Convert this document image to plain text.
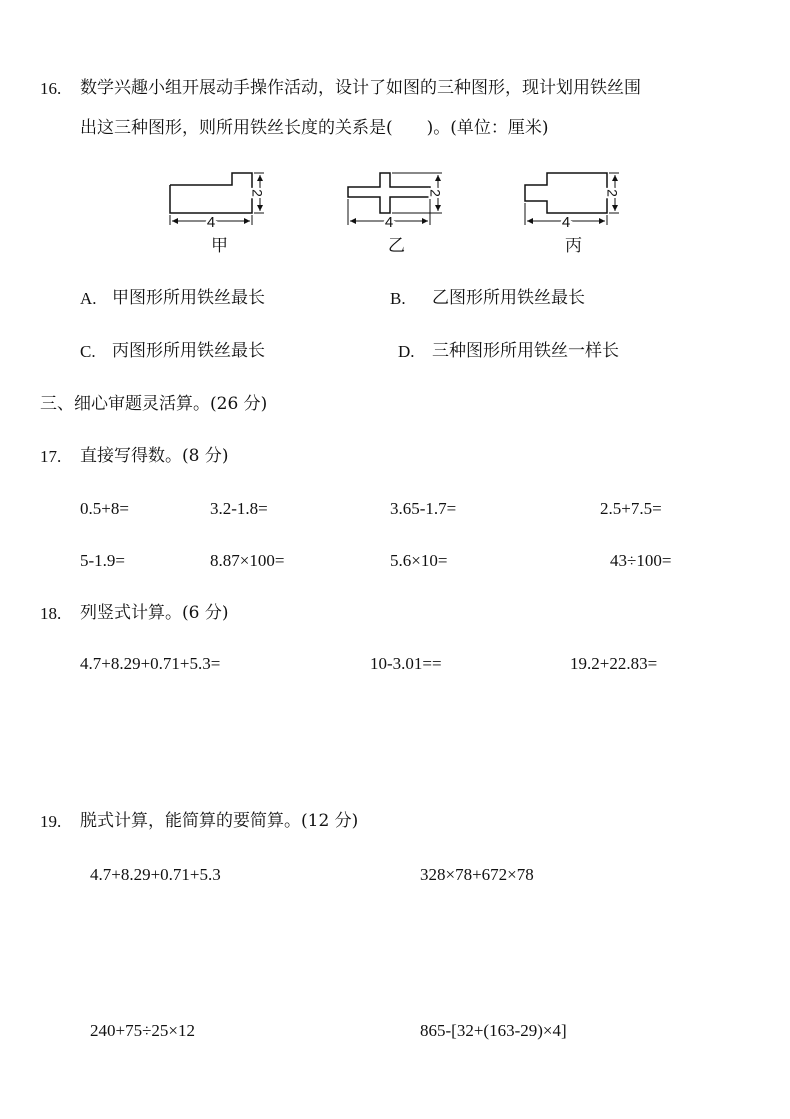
16. 数学兴趣小组开展动手操作活动，设计了如图的三种图形，现计划用铁丝围
出这三种图形，则所用铁丝长度的关系是(　　)。(单位：厘米)
4
2
甲
4
2
乙
4
2
丙
A. 甲图形所用铁丝最长	B. 乙图形所用铁丝最长
C. 丙图形所用铁丝最长	D. 三种图形所用铁丝一样长
三、细心审题灵活算。(26 分)
17. 直接写得数。(8 分)
0.5+8=	3.2-1.8=	3.65-1.7=	2.5+7.5=
5-1.9=	8.87×100=	5.6×10=	43÷100=
18. 列竖式计算。(6 分)
4.7+8.29+0.71+5.3=	10-3.01==	19.2+22.83=
19. 脱式计算，能简算的要简算。(12 分)
4.7+8.29+0.71+5.3	328×78+672×78
240+75÷25×12	865-[32+(163-29)×4]
